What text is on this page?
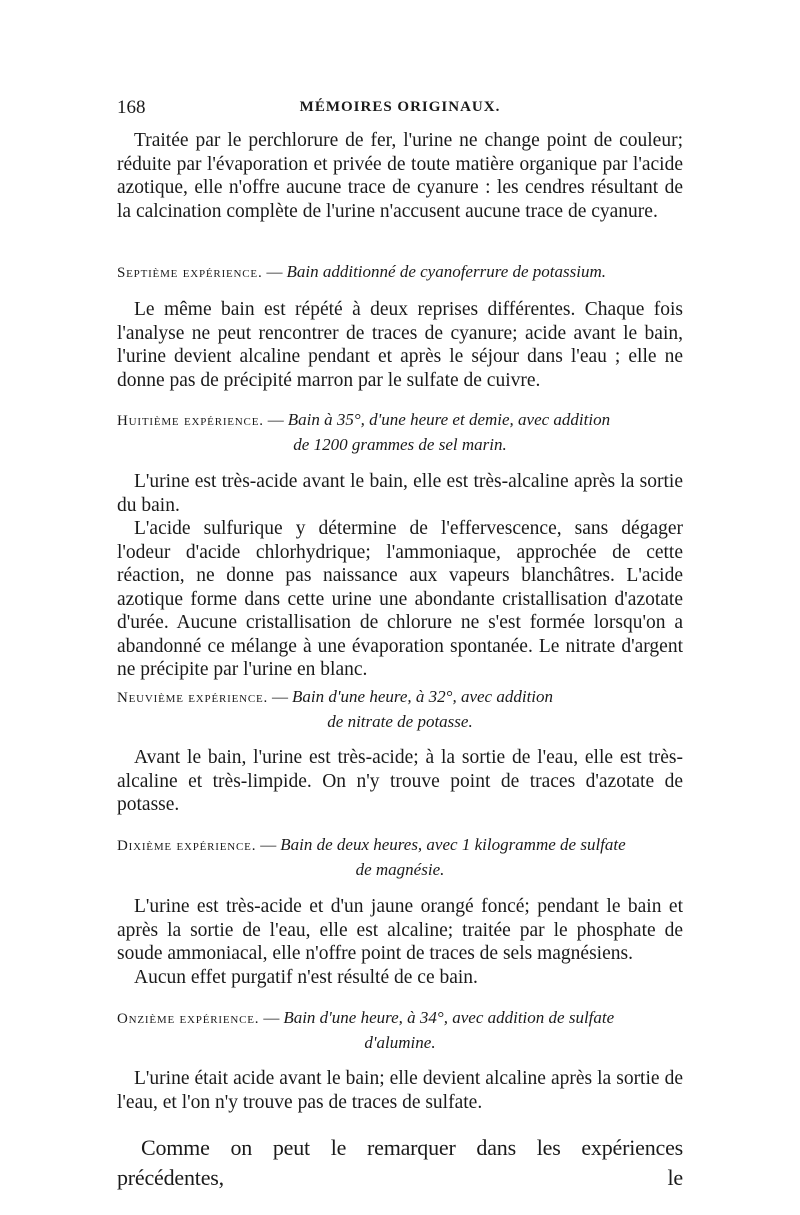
168	MÉMOIRES ORIGINAUX.

Traitée par le perchlorure de fer, l'urine ne change point de couleur; réduite par l'évaporation et privée de toute matière organique par l'acide azotique, elle n'offre aucune trace de cyanure : les cendres résultant de la calcination complète de l'urine n'accusent aucune trace de cyanure.

Septième expérience. — Bain additionné de cyanoferrure de potassium.

Le même bain est répété à deux reprises différentes. Chaque fois l'analyse ne peut rencontrer de traces de cyanure; acide avant le bain, l'urine devient alcaline pendant et après le séjour dans l'eau ; elle ne donne pas de précipité marron par le sulfate de cuivre.

Huitième expérience. — Bain à 35°, d'une heure et demie, avec addition
de 1200 grammes de sel marin.

L'urine est très-acide avant le bain, elle est très-alcaline après la sortie du bain.

L'acide sulfurique y détermine de l'effervescence, sans dégager l'odeur d'acide chlorhydrique; l'ammoniaque, approchée de cette réaction, ne donne pas naissance aux vapeurs blanchâtres. L'acide azotique forme dans cette urine une abondante cristallisation d'azotate d'urée. Aucune cristallisation de chlorure ne s'est formée lorsqu'on a abandonné ce mélange à une évaporation spontanée. Le nitrate d'argent ne précipite par l'urine en blanc.

Neuvième expérience. — Bain d'une heure, à 32°, avec addition
de nitrate de potasse.

Avant le bain, l'urine est très-acide; à la sortie de l'eau, elle est très-alcaline et très-limpide. On n'y trouve point de traces d'azotate de potasse.

Dixième expérience. — Bain de deux heures, avec 1 kilogramme de sulfate
de magnésie.

L'urine est très-acide et d'un jaune orangé foncé; pendant le bain et après la sortie de l'eau, elle est alcaline; traitée par le phosphate de soude ammoniacal, elle n'offre point de traces de sels magnésiens.

Aucun effet purgatif n'est résulté de ce bain.

Onzième expérience. — Bain d'une heure, à 34°, avec addition de sulfate
d'alumine.

L'urine était acide avant le bain; elle devient alcaline après la sortie de l'eau, et l'on n'y trouve pas de traces de sulfate.

Comme on peut le remarquer dans les expériences précédentes, le
